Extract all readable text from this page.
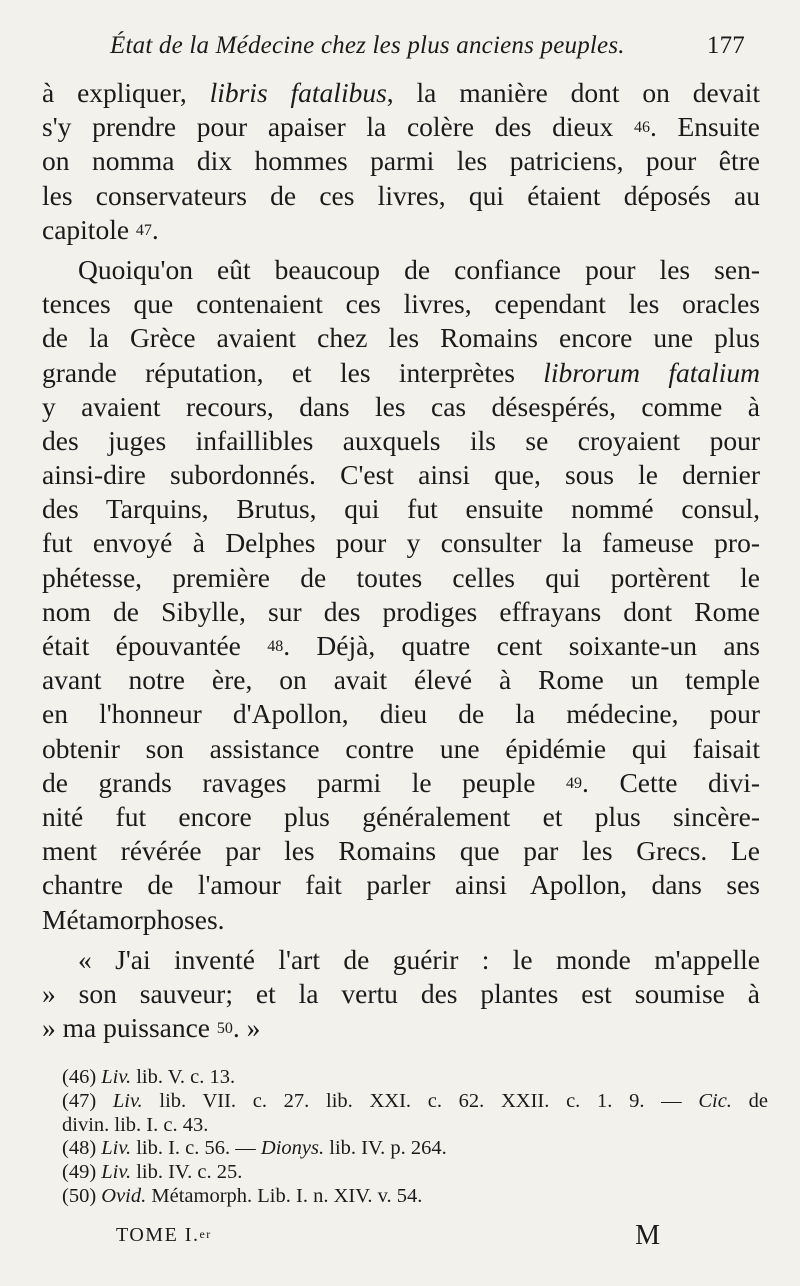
État de la Médecine chez les plus anciens peuples.	177
à expliquer, libris fatalibus, la manière dont on devait
s'y prendre pour apaiser la colère des dieux $^{46}$. Ensuite
on nomma dix hommes parmi les patriciens, pour être
les conservateurs de ces livres, qui étaient déposés au
capitole $^{47}$.
Quoiqu'on eût beaucoup de confiance pour les sen-
tences que contenaient ces livres, cependant les oracles
de la Grèce avaient chez les Romains encore une plus
grande réputation, et les interprètes librorum fatalium
y avaient recours, dans les cas désespérés, comme à
des juges infaillibles auxquels ils se croyaient pour
ainsi-dire subordonnés. C'est ainsi que, sous le dernier
des Tarquins, Brutus, qui fut ensuite nommé consul,
fut envoyé à Delphes pour y consulter la fameuse pro-
phétesse, première de toutes celles qui portèrent le
nom de Sibylle, sur des prodiges effrayans dont Rome
était épouvantée $^{48}$. Déjà, quatre cent soixante-un ans
avant notre ère, on avait élevé à Rome un temple
en l'honneur d'Apollon, dieu de la médecine, pour
obtenir son assistance contre une épidémie qui faisait
de grands ravages parmi le peuple $^{49}$. Cette divi-
nité fut encore plus généralement et plus sincère-
ment révérée par les Romains que par les Grecs. Le
chantre de l'amour fait parler ainsi Apollon, dans ses
Métamorphoses.
« J'ai inventé l'art de guérir : le monde m'appelle
» son sauveur; et la vertu des plantes est soumise à
» ma puissance $^{50}$. »
(46) Liv. lib. V. c. 13.
(47) Liv. lib. VII. c. 27. lib. XXI. c. 62. XXII. c. 1. 9. — Cic. de
divin. lib. I. c. 43.
(48) Liv. lib. I. c. 56. — Dionys. lib. IV. p. 264.
(49) Liv. lib. IV. c. 25.
(50) Ovid. Métamorph. Lib. I. n. XIV. v. 54.
TOME I.$^{er}$	M
